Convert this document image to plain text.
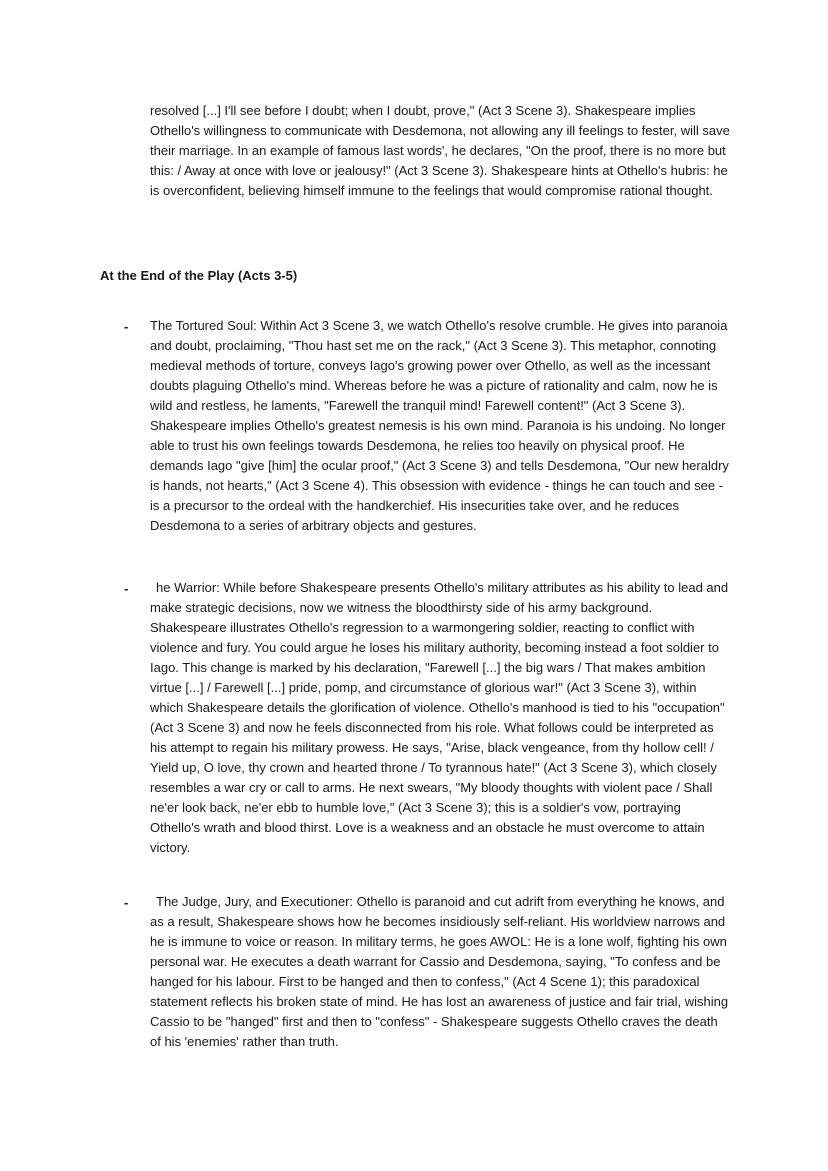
resolved [...] I'll see before I doubt; when I doubt, prove," (Act 3 Scene 3). Shakespeare implies Othello's willingness to communicate with Desdemona, not allowing any ill feelings to fester, will save their marriage. In an example of famous last words', he declares, "On the proof, there is no more but this: / Away at once with love or jealousy!" (Act 3 Scene 3). Shakespeare hints at Othello's hubris: he is overconfident, believing himself immune to the feelings that would compromise rational thought.

At the End of the Play (Acts 3-5)
- The Tortured Soul: Within Act 3 Scene 3, we watch Othello's resolve crumble. He gives into paranoia and doubt, proclaiming, "Thou hast set me on the rack," (Act 3 Scene 3). This metaphor, connoting medieval methods of torture, conveys Iago's growing power over Othello, as well as the incessant doubts plaguing Othello's mind. Whereas before he was a picture of rationality and calm, now he is wild and restless, he laments, "Farewell the tranquil mind! Farewell content!" (Act 3 Scene 3). Shakespeare implies Othello's greatest nemesis is his own mind. Paranoia is his undoing. No longer able to trust his own feelings towards Desdemona, he relies too heavily on physical proof. He demands Iago "give [him] the ocular proof," (Act 3 Scene 3) and tells Desdemona, "Our new heraldry is hands, not hearts," (Act 3 Scene 4). This obsession with evidence - things he can touch and see - is a precursor to the ordeal with the handkerchief. His insecurities take over, and he reduces Desdemona to a series of arbitrary objects and gestures.

-	he Warrior: While before Shakespeare presents Othello's military attributes as his ability to lead and make strategic decisions, now we witness the bloodthirsty side of his army background. Shakespeare illustrates Othello's regression to a warmongering soldier, reacting to conflict with violence and fury. You could argue he loses his military authority, becoming instead a foot soldier to Iago. This change is marked by his declaration, "Farewell [...] the big wars / That makes ambition virtue [...] / Farewell [...] pride, pomp, and circumstance of glorious war!" (Act 3 Scene 3), within which Shakespeare details the glorification of violence. Othello's manhood is tied to his "occupation" (Act 3 Scene 3) and now he feels disconnected from his role. What follows could be interpreted as his attempt to regain his military prowess. He says, "Arise, black vengeance, from thy hollow cell! / Yield up, O love, thy crown and hearted throne / To tyrannous hate!" (Act 3 Scene 3), which closely resembles a war cry or call to arms. He next swears, "My bloody thoughts with violent pace / Shall ne'er look back, ne'er ebb to humble love," (Act 3 Scene 3); this is a soldier's vow, portraying Othello's wrath and blood thirst. Love is a weakness and an obstacle he must overcome to attain victory.

-	The Judge, Jury, and Executioner: Othello is paranoid and cut adrift from everything he knows, and as a result, Shakespeare shows how he becomes insidiously self-reliant. His worldview narrows and he is immune to voice or reason. In military terms, he goes AWOL: He is a lone wolf, fighting his own personal war. He executes a death warrant for Cassio and Desdemona, saying, "To confess and be hanged for his labour. First to be hanged and then to confess," (Act 4 Scene 1); this paradoxical statement reflects his broken state of mind. He has lost an awareness of justice and fair trial, wishing Cassio to be "hanged" first and then to "confess" - Shakespeare suggests Othello craves the death of his 'enemies' rather than truth.
